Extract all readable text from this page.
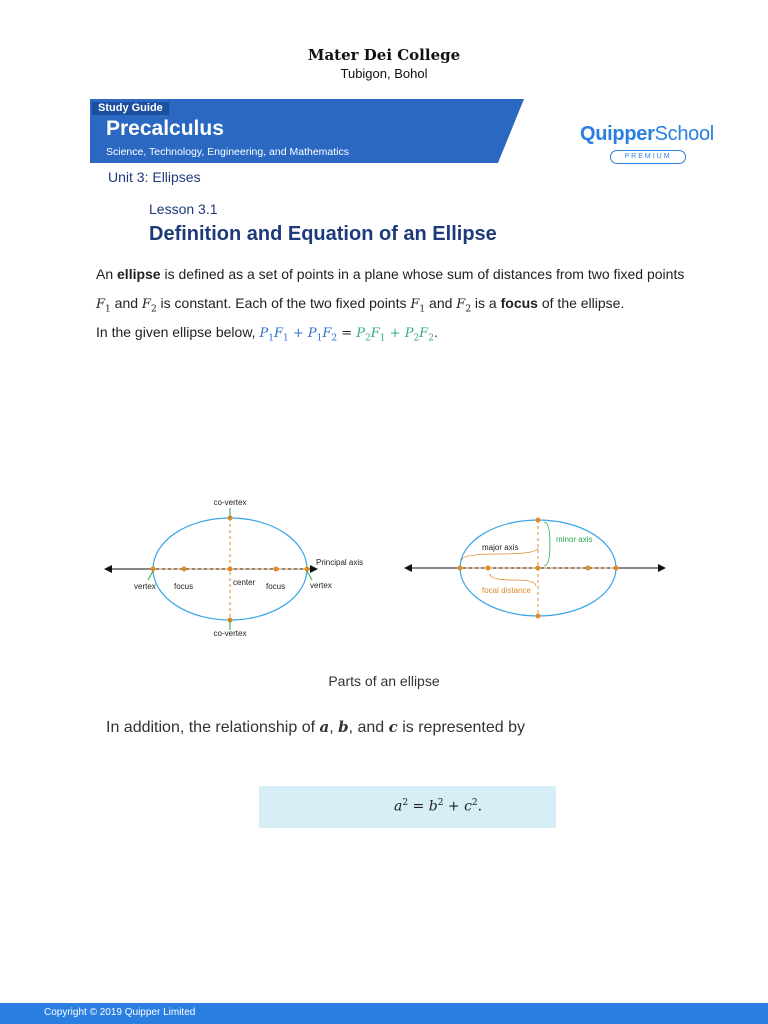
Mater Dei College
Tubigon, Bohol
Study Guide
Precalculus
Science, Technology, Engineering, and Mathematics
QuipperSchool
PREMIUM
Unit 3: Ellipses
Lesson 3.1
Definition and Equation of an Ellipse
An ellipse is defined as a set of points in a plane whose sum of distances from two fixed points
$F_1$ and $F_2$ is constant. Each of the two fixed points $F_1$ and $F_2$ is a focus of the ellipse.
In the given ellipse below, $P_1F_1 + P_1F_2 = P_2F_1 + P_2F_2$.
co-vertex
co-vertex
Principal axis
vertex	vertex
focus	focus
center
major axis
minor axis
focal distance
Parts of an ellipse
In addition, the relationship of a, b, and c is represented by
$a^2 = b^2 + c^2$.
Copyright © 2019 Quipper Limited
